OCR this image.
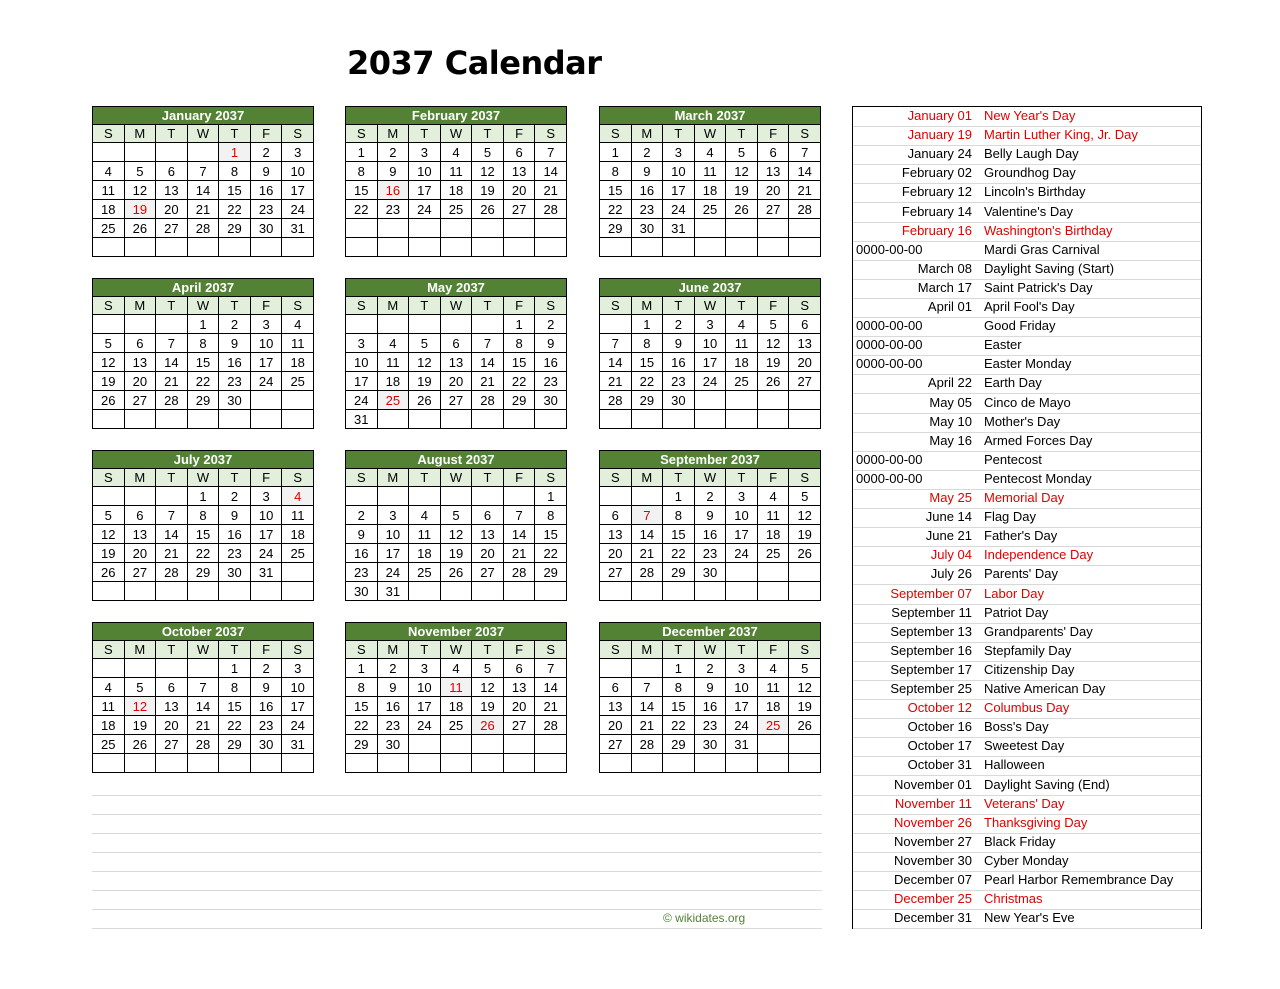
2037 Calendar
January 2037						
S	M	T	W	T	F	S
				1	2	3
4	5	6	7	8	9	10
11	12	13	14	15	16	17
18	19	20	21	22	23	24
25	26	27	28	29	30	31

February 2037						
S	M	T	W	T	F	S
1	2	3	4	5	6	7
8	9	10	11	12	13	14
15	16	17	18	19	20	21
22	23	24	25	26	27	28

March 2037						
S	M	T	W	T	F	S
1	2	3	4	5	6	7
8	9	10	11	12	13	14
15	16	17	18	19	20	21
22	23	24	25	26	27	28
29	30	31				

April 2037						
S	M	T	W	T	F	S
			1	2	3	4
5	6	7	8	9	10	11
12	13	14	15	16	17	18
19	20	21	22	23	24	25
26	27	28	29	30		

May 2037						
S	M	T	W	T	F	S
					1	2
3	4	5	6	7	8	9
10	11	12	13	14	15	16
17	18	19	20	21	22	23
24	25	26	27	28	29	30
31						
June 2037						
S	M	T	W	T	F	S
	1	2	3	4	5	6
7	8	9	10	11	12	13
14	15	16	17	18	19	20
21	22	23	24	25	26	27
28	29	30				

July 2037						
S	M	T	W	T	F	S
			1	2	3	4
5	6	7	8	9	10	11
12	13	14	15	16	17	18
19	20	21	22	23	24	25
26	27	28	29	30	31	

August 2037						
S	M	T	W	T	F	S
						1
2	3	4	5	6	7	8
9	10	11	12	13	14	15
16	17	18	19	20	21	22
23	24	25	26	27	28	29
30	31					
September 2037						
S	M	T	W	T	F	S
		1	2	3	4	5
6	7	8	9	10	11	12
13	14	15	16	17	18	19
20	21	22	23	24	25	26
27	28	29	30			

October 2037						
S	M	T	W	T	F	S
				1	2	3
4	5	6	7	8	9	10
11	12	13	14	15	16	17
18	19	20	21	22	23	24
25	26	27	28	29	30	31

November 2037						
S	M	T	W	T	F	S
1	2	3	4	5	6	7
8	9	10	11	12	13	14
15	16	17	18	19	20	21
22	23	24	25	26	27	28
29	30					

December 2037						
S	M	T	W	T	F	S
		1	2	3	4	5
6	7	8	9	10	11	12
13	14	15	16	17	18	19
20	21	22	23	24	25	26
27	28	29	30	31		

January 01 New Year's Day
January 19 Martin Luther King, Jr. Day
January 24 Belly Laugh Day
February 02 Groundhog Day
February 12 Lincoln's Birthday
February 14 Valentine's Day
February 16 Washington's Birthday
0000-00-00	Mardi Gras Carnival
March 08 Daylight Saving (Start)
March 17 Saint Patrick's Day
April 01 April Fool's Day
0000-00-00	Good Friday
0000-00-00	Easter
0000-00-00	Easter Monday
April 22 Earth Day
May 05 Cinco de Mayo
May 10 Mother's Day
May 16 Armed Forces Day
0000-00-00	Pentecost
0000-00-00	Pentecost Monday
May 25 Memorial Day
June 14 Flag Day
June 21 Father's Day
July 04 Independence Day
July 26 Parents' Day
September 07 Labor Day
September 11 Patriot Day
September 13 Grandparents' Day
September 16 Stepfamily Day
September 17 Citizenship Day
September 25 Native American Day
October 12 Columbus Day
October 16 Boss's Day
October 17 Sweetest Day
October 31 Halloween
November 01 Daylight Saving (End)
November 11 Veterans' Day
November 26 Thanksgiving Day
November 27 Black Friday
November 30 Cyber Monday
December 07 Pearl Harbor Remembrance Day
December 25 Christmas
December 31 New Year's Eve
© wikidates.org
